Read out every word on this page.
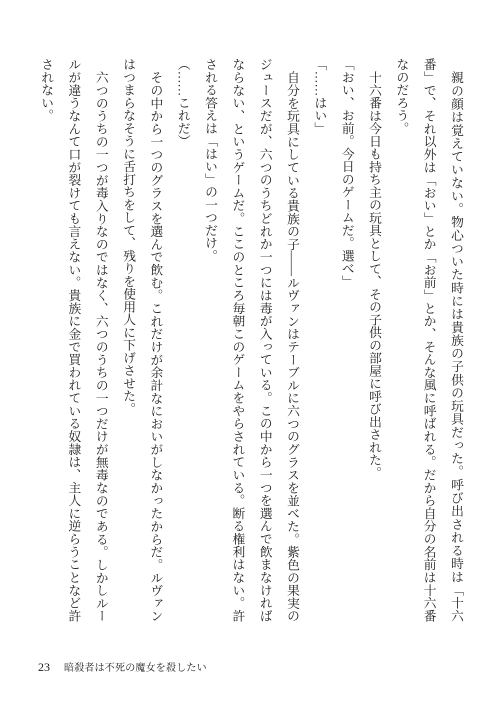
親の顔は覚えていない。物心ついた時には貴族の子供の玩具だった。呼び出される時は「十六
番」で、それ以外は「おい」とか「お前」とか、そんな風に呼ばれる。だから自分の名前は十六番
なのだろう。
十六番は今日も持ち主の玩具として、その子供の部屋に呼び出された。
「おい、お前。今日のゲームだ。選べ」
「……はい」
自分を玩具にしている貴族の子――ルヴァンはテーブルに六つのグラスを並べた。紫色の果実の
ジュースだが、六つのうちどれか一つには毒が入っている。この中から一つを選んで飲まなければ
ならない、というゲームだ。ここのところ毎朝このゲームをやらされている。断る権利はない。許
される答えは「はい」の一つだけ。
（……これだ）
その中から一つのグラスを選んで飲む。これだけが余計なにおいがしなかったからだ。ルヴァン
はつまらなそうに舌打ちをして、残りを使用人に下げさせた。
六つのうちの一つが毒入りなのではなく、六つのうちの一つだけが無毒なのである。しかしルー
ルが違うなんて口が裂けても言えない。貴族に金で買われている奴隷は、主人に逆らうことなど許
されない。
23 暗殺者は不死の魔女を殺したい
